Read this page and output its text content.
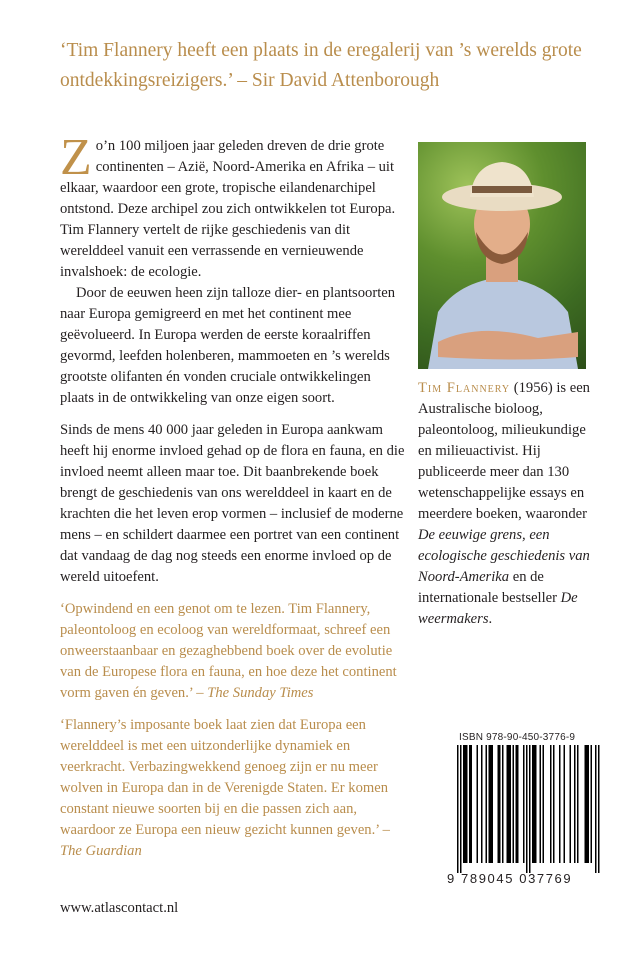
‘Tim Flannery heeft een plaats in de eregalerij van ’s werelds grote ontdekkingsreizigers.’ – Sir David Attenborough

Zo’n 100 miljoen jaar geleden dreven de drie grote continenten – Azië, Noord-Amerika en Afrika – uit elkaar, waardoor een grote, tropische eilandenarchipel ontstond. Deze archipel zou zich ontwikkelen tot Europa. Tim Flannery vertelt de rijke geschiedenis van dit werelddeel vanuit een verrassende en vernieuwende invalshoek: de ecologie.

Door de eeuwen heen zijn talloze dier- en plantsoorten naar Europa gemigreerd en met het continent mee geëvolueerd. In Europa werden de eerste koraalriffen gevormd, leefden holenberen, mammoeten en ’s werelds grootste olifanten én vonden cruciale ontwikkelingen plaats in de ontwikkeling van onze eigen soort.

Sinds de mens 40 000 jaar geleden in Europa aankwam heeft hij enorme invloed gehad op de flora en fauna, en die invloed neemt alleen maar toe. Dit baanbrekende boek brengt de geschiedenis van ons werelddeel in kaart en de krachten die het leven erop vormen – inclusief de moderne mens – en schildert daarmee een portret van een continent dat vandaag de dag nog steeds een enorme invloed op de wereld uitoefent.

‘Opwindend en een genot om te lezen. Tim Flannery, paleontoloog en ecoloog van wereldformaat, schreef een onweerstaanbaar en gezaghebbend boek over de evolutie van de Europese flora en fauna, en hoe deze het continent vorm gaven én geven.’ – The Sunday Times

‘Flannery’s imposante boek laat zien dat Europa een werelddeel is met een uitzonderlijke dynamiek en veerkracht. Verbazingwekkend genoeg zijn er nu meer wolven in Europa dan in de Verenigde Staten. Er komen constant nieuwe soorten bij en die passen zich aan, waardoor ze Europa een nieuw gezicht kunnen geven.’ – The Guardian

Tim Flannery (1956) is een Australische bioloog, paleontoloog, milieukundige en milieuactivist. Hij publiceerde meer dan 130 wetenschappelijke essays en meerdere boeken, waaronder De eeuwige grens, een ecologische geschiedenis van Noord-Amerika en de internationale bestseller De weermakers.
ISBN 978-90-450-3776-9
9 789045 037769
www.atlascontact.nl
